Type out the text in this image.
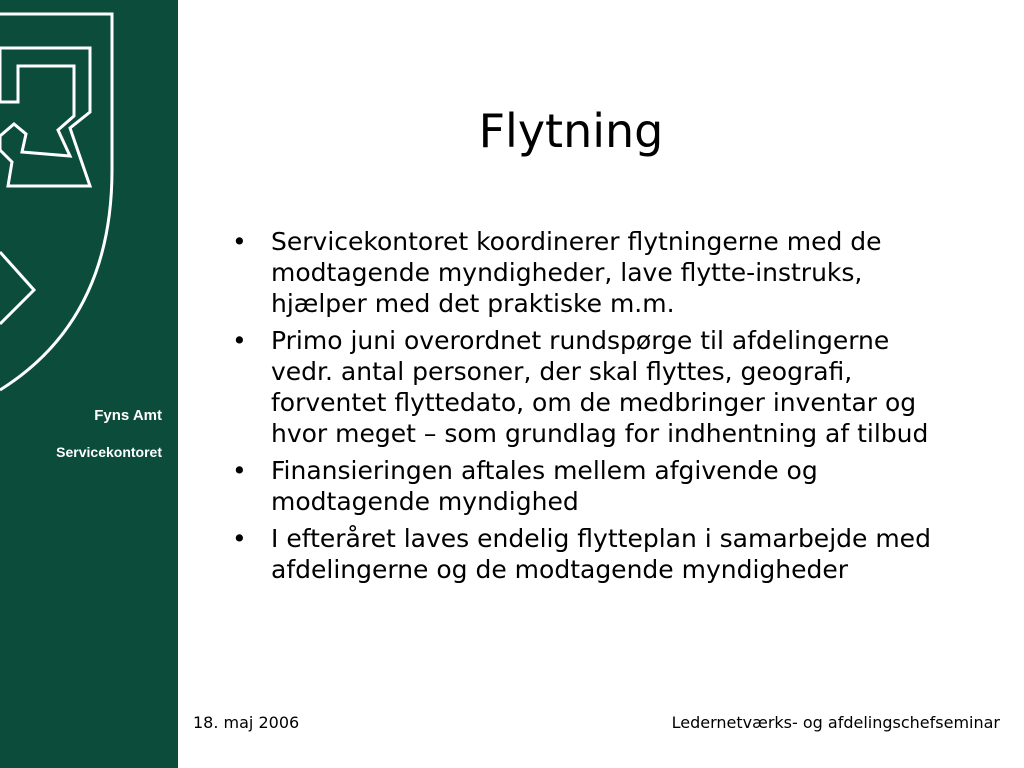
Fyns Amt
Servicekontoret
Flytning
• Servicekontoret koordinerer flytningerne med de modtagende myndigheder, lave flytte-instruks, hjælper med det praktiske m.m.
• Primo juni overordnet rundspørge til afdelingerne vedr. antal personer, der skal flyttes, geografi, forventet flyttedato, om de medbringer inventar og hvor meget – som grundlag for indhentning af tilbud
• Finansieringen aftales mellem afgivende og modtagende myndighed
• I efteråret laves endelig flytteplan i samarbejde med afdelingerne og de modtagende myndigheder
18. maj 2006	Ledernetværks- og afdelingschefseminar
